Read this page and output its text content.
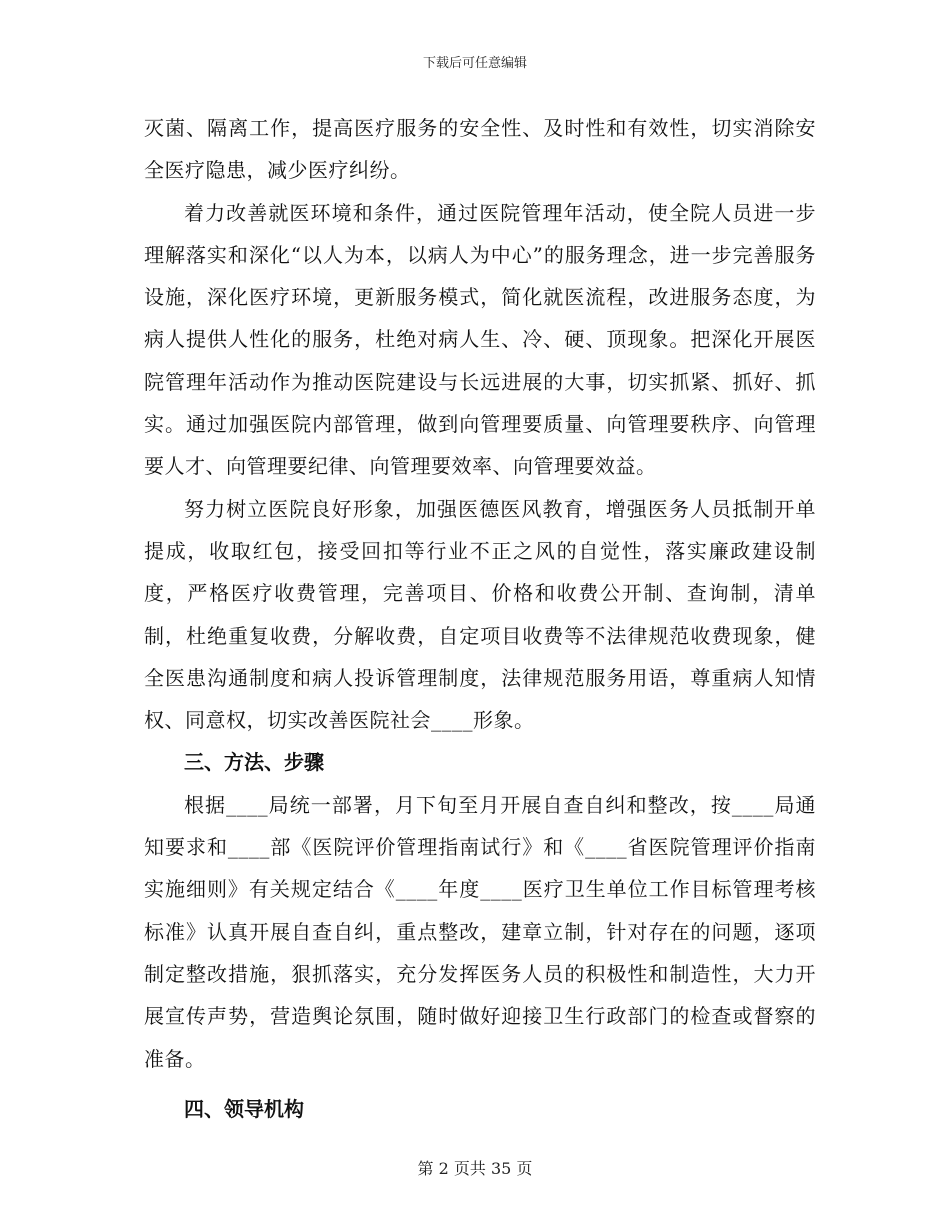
下载后可任意编辑

灭菌、隔离工作，提高医疗服务的安全性、及时性和有效性，切实消除安全医疗隐患，减少医疗纠纷。

着力改善就医环境和条件，通过医院管理年活动，使全院人员进一步理解落实和深化“以人为本，以病人为中心”的服务理念，进一步完善服务设施，深化医疗环境，更新服务模式，简化就医流程，改进服务态度，为病人提供人性化的服务，杜绝对病人生、冷、硬、顶现象。把深化开展医院管理年活动作为推动医院建设与长远进展的大事，切实抓紧、抓好、抓实。通过加强医院内部管理，做到向管理要质量、向管理要秩序、向管理要人才、向管理要纪律、向管理要效率、向管理要效益。

努力树立医院良好形象，加强医德医风教育，增强医务人员抵制开单提成，收取红包，接受回扣等行业不正之风的自觉性，落实廉政建设制度，严格医疗收费管理，完善项目、价格和收费公开制、查询制，清单制，杜绝重复收费，分解收费，自定项目收费等不法律规范收费现象，健全医患沟通制度和病人投诉管理制度，法律规范服务用语，尊重病人知情权、同意权，切实改善医院社会____形象。

三、方法、步骤

根据____局统一部署，月下旬至月开展自查自纠和整改，按____局通知要求和____部《医院评价管理指南试行》和《____省医院管理评价指南实施细则》有关规定结合《____年度____医疗卫生单位工作目标管理考核标准》认真开展自查自纠，重点整改，建章立制，针对存在的问题，逐项制定整改措施，狠抓落实，充分发挥医务人员的积极性和制造性，大力开展宣传声势，营造舆论氛围，随时做好迎接卫生行政部门的检查或督察的准备。

四、领导机构

第 2 页共 35 页
